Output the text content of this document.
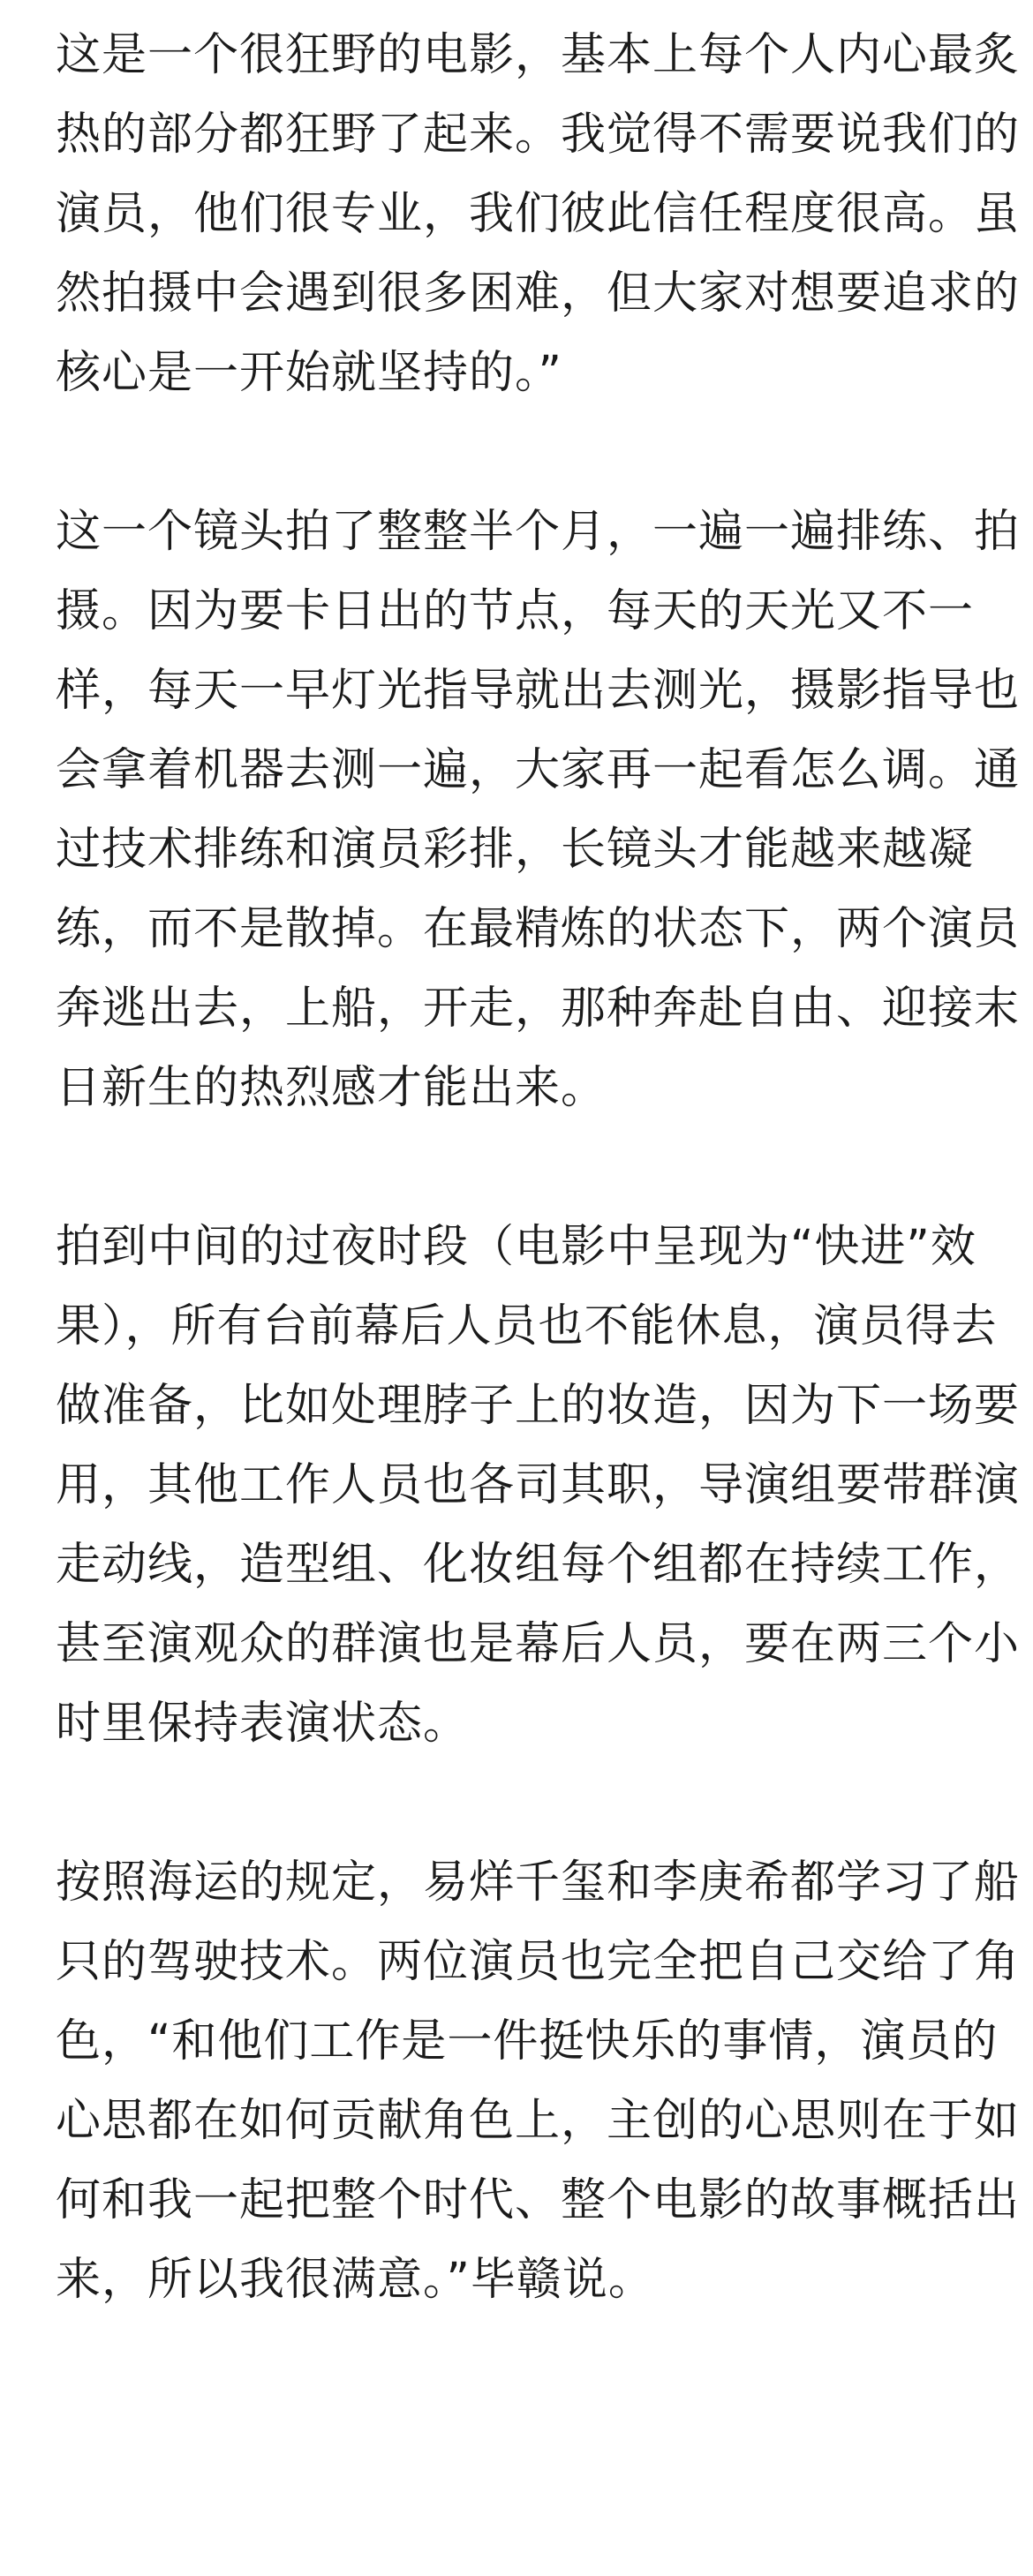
这是一个很狂野的电影，基本上每个人内心最炙
热的部分都狂野了起来。我觉得不需要说我们的
演员，他们很专业，我们彼此信任程度很高。虽
然拍摄中会遇到很多困难，但大家对想要追求的
核心是一开始就坚持的。”

这一个镜头拍了整整半个月，一遍一遍排练、拍
摄。因为要卡日出的节点，每天的天光又不一
样，每天一早灯光指导就出去测光，摄影指导也
会拿着机器去测一遍，大家再一起看怎么调。通
过技术排练和演员彩排，长镜头才能越来越凝
练，而不是散掉。在最精炼的状态下，两个演员
奔逃出去，上船，开走，那种奔赴自由、迎接末
日新生的热烈感才能出来。

拍到中间的过夜时段（电影中呈现为“快进”效
果），所有台前幕后人员也不能休息，演员得去
做准备，比如处理脖子上的妆造，因为下一场要
用，其他工作人员也各司其职，导演组要带群演
走动线，造型组、化妆组每个组都在持续工作，
甚至演观众的群演也是幕后人员，要在两三个小
时里保持表演状态。

按照海运的规定，易烊千玺和李庚希都学习了船
只的驾驶技术。两位演员也完全把自己交给了角
色，“和他们工作是一件挺快乐的事情，演员的
心思都在如何贡献角色上，主创的心思则在于如
何和我一起把整个时代、整个电影的故事概括出
来，所以我很满意。”毕赣说。
